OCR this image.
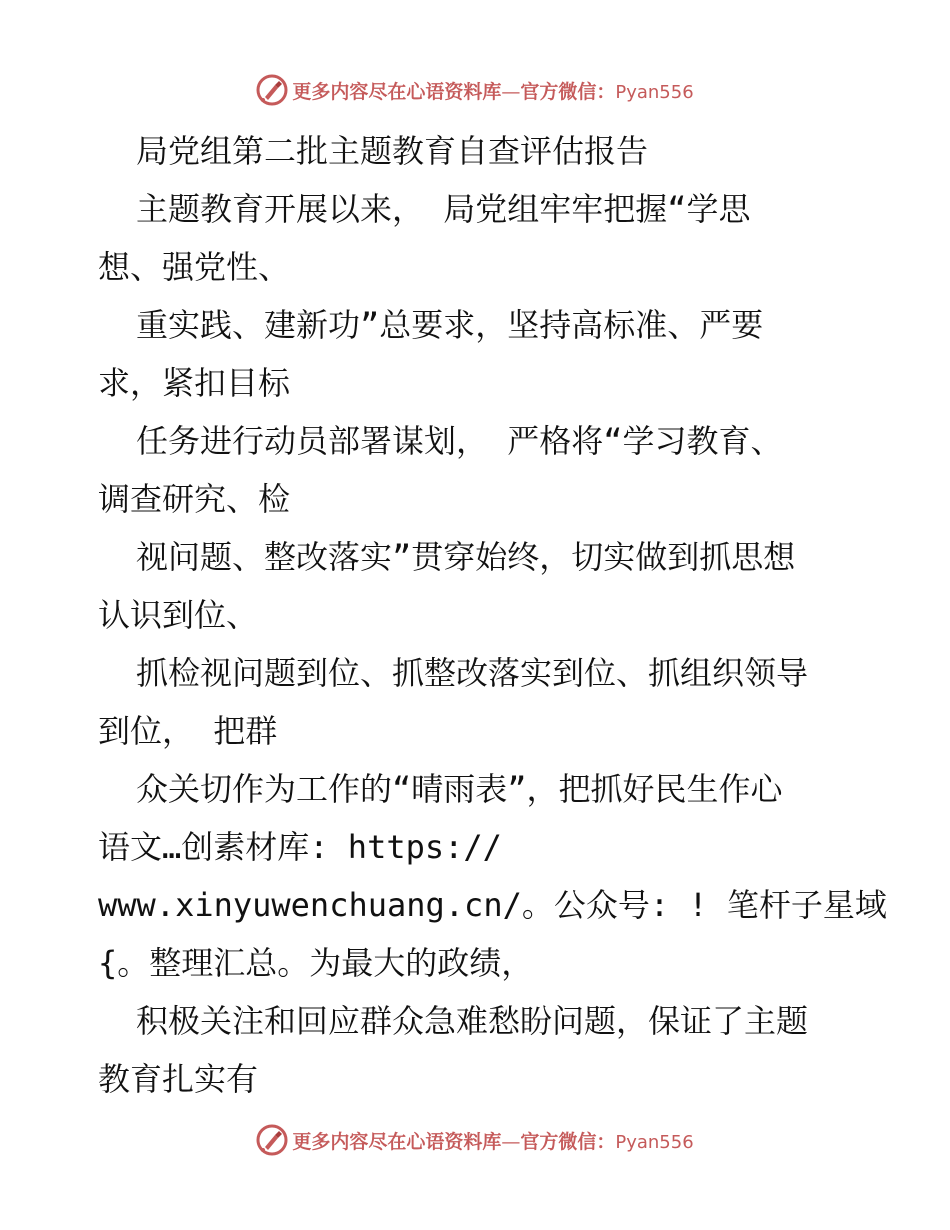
更多内容尽在心语资料库—官方微信：Pyan556
局党组第二批主题教育自查评估报告
主题教育开展以来， 局党组牢牢把握“学思
想、强党性、
重实践、建新功”总要求，坚持高标准、严要
求，紧扣目标
任务进行动员部署谋划， 严格将“学习教育、
调查研究、检
视问题、整改落实”贯穿始终，切实做到抓思想
认识到位、
抓检视问题到位、抓整改落实到位、抓组织领导
到位， 把群
众关切作为工作的“晴雨表”，把抓好民生作心
语文…创素材库: https://
www.xinyuwenchuang.cn/。公众号: ! 笔杆子星域
{。整理汇总。为最大的政绩，
积极关注和回应群众急难愁盼问题，保证了主题
教育扎实有
更多内容尽在心语资料库—官方微信：Pyan556
